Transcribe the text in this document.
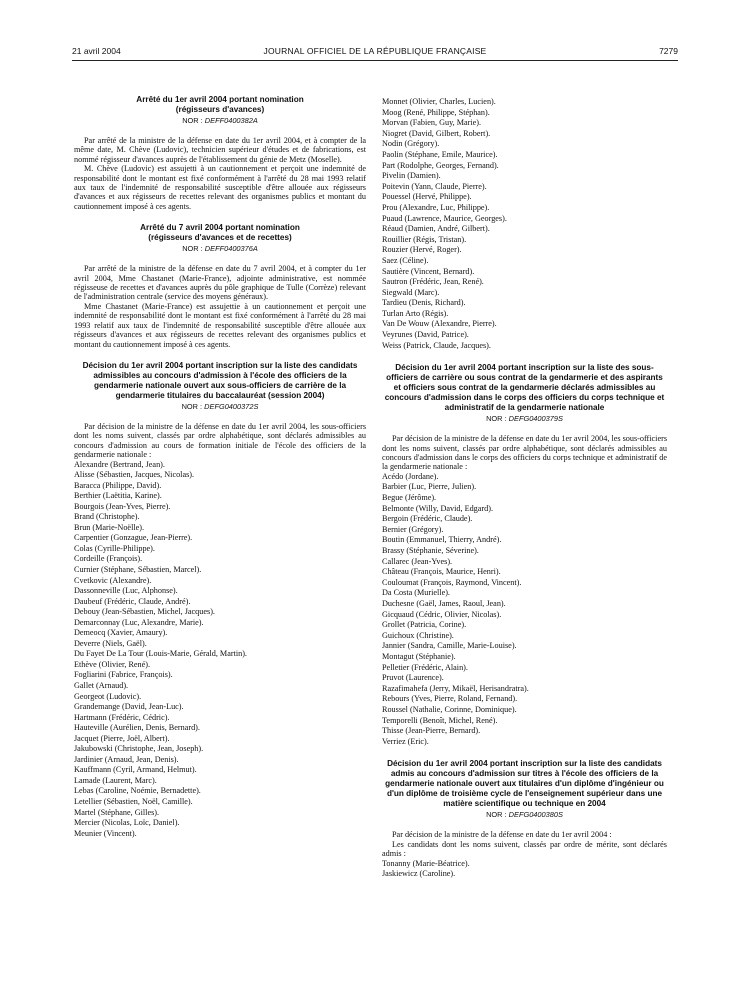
21 avril 2004	JOURNAL OFFICIEL DE LA RÉPUBLIQUE FRANÇAISE	7279

Arrêté du 1er avril 2004 portant nomination

(régisseurs d'avances)

NOR : DEFF0400382A

Par arrêté de la ministre de la défense en date du 1er avril 2004, et à compter de la même date, M. Chève (Ludovic), technicien supérieur d'études et de fabrications, est nommé régisseur d'avances auprès de l'établissement du génie de Metz (Moselle).

M. Chève (Ludovic) est assujetti à un cautionnement et perçoit une indemnité de responsabilité dont le montant est fixé conformément à l'arrêté du 28 mai 1993 relatif aux taux de l'indemnité de responsabilité susceptible d'être allouée aux régisseurs d'avances et aux régisseurs de recettes relevant des organismes publics et montant du cautionnement imposé à ces agents.

Arrêté du 7 avril 2004 portant nomination

(régisseurs d'avances et de recettes)

NOR : DEFF0400376A

Par arrêté de la ministre de la défense en date du 7 avril 2004, et à compter du 1er avril 2004, Mme Chastanet (Marie-France), adjointe administrative, est nommée régisseuse de recettes et d'avances auprès du pôle graphique de Tulle (Corrèze) relevant de l'administration centrale (service des moyens généraux).

Mme Chastanet (Marie-France) est assujettie à un cautionnement et perçoit une indemnité de responsabilité dont le montant est fixé conformément à l'arrêté du 28 mai 1993 relatif aux taux de l'indemnité de responsabilité susceptible d'être allouée aux régisseurs d'avances et aux régisseurs de recettes relevant des organismes publics et montant du cautionnement imposé à ces agents.

Décision du 1er avril 2004 portant inscription sur la liste des candidats admissibles au concours d'admission à l'école des officiers de la gendarmerie nationale ouvert aux sous-officiers de carrière de la gendarmerie titulaires du baccalauréat (session 2004)

NOR : DEFG0400372S

Par décision de la ministre de la défense en date du 1er avril 2004, les sous-officiers dont les noms suivent, classés par ordre alphabétique, sont déclarés admissibles au concours d'admission au cours de formation initiale de l'école des officiers de la gendarmerie nationale :

Alexandre (Bertrand, Jean).
Alisse (Sébastien, Jacques, Nicolas).
Baracca (Philippe, David).
Berthier (Laëtitia, Karine).
Bourgois (Jean-Yves, Pierre).
Brand (Christophe).
Brun (Marie-Noëlle).
Carpentier (Gonzague, Jean-Pierre).
Colas (Cyrille-Philippe).
Cordeille (François).
Curnier (Stéphane, Sébastien, Marcel).
Cvetkovic (Alexandre).
Dassonneville (Luc, Alphonse).
Daubeuf (Frédéric, Claude, André).
Debouy (Jean-Sébastien, Michel, Jacques).
Demarconnay (Luc, Alexandre, Marie).
Demeocq (Xavier, Amaury).
Deverre (Niels, Gaël).
Du Fayet De La Tour (Louis-Marie, Gérald, Martin).
Ethève (Olivier, René).
Fogliarini (Fabrice, François).
Gallet (Arnaud).
Georgeot (Ludovic).
Grandemange (David, Jean-Luc).
Hartmann (Frédéric, Cédric).
Hauteville (Aurélien, Denis, Bernard).
Jacquet (Pierre, Joël, Albert).
Jakubowski (Christophe, Jean, Joseph).
Jardinier (Arnaud, Jean, Denis).
Kauffmann (Cyril, Armand, Helmut).
Lamade (Laurent, Marc).
Lebas (Caroline, Noémie, Bernadette).
Letellier (Sébastien, Noël, Camille).
Martel (Stéphane, Gilles).
Mercier (Nicolas, Loïc, Daniel).
Meunier (Vincent).
Monnet (Olivier, Charles, Lucien).
Moog (René, Philippe, Stéphan).
Morvan (Fabien, Guy, Marie).
Niogret (David, Gilbert, Robert).
Nodin (Grégory).
Paolin (Stéphane, Emile, Maurice).
Part (Rodolphe, Georges, Fernand).
Pivelin (Damien).
Poitevin (Yann, Claude, Pierre).
Pouessel (Hervé, Philippe).
Prou (Alexandre, Luc, Philippe).
Puaud (Lawrence, Maurice, Georges).
Réaud (Damien, André, Gilbert).
Rouillier (Régis, Tristan).
Rouzier (Hervé, Roger).
Saez (Céline).
Sautière (Vincent, Bernard).
Sautron (Frédéric, Jean, René).
Siegwald (Marc).
Tardieu (Denis, Richard).
Turlan Arto (Régis).
Van De Wouw (Alexandre, Pierre).
Veyrunes (David, Patrice).
Weiss (Patrick, Claude, Jacques).

Décision du 1er avril 2004 portant inscription sur la liste des sous-officiers de carrière ou sous contrat de la gendarmerie et des aspirants et officiers sous contrat de la gendarmerie déclarés admissibles au concours d'admission dans le corps des officiers du corps technique et administratif de la gendarmerie nationale

NOR : DEFG0400379S

Par décision de la ministre de la défense en date du 1er avril 2004, les sous-officiers dont les noms suivent, classés par ordre alphabétique, sont déclarés admissibles au concours d'admission dans le corps des officiers du corps technique et administratif de la gendarmerie nationale :

Acédo (Jordane).
Barbier (Luc, Pierre, Julien).
Begue (Jérôme).
Belmonte (Willy, David, Edgard).
Bergoin (Frédéric, Claude).
Bernier (Grégory).
Boutin (Emmanuel, Thierry, André).
Brassy (Stéphanie, Séverine).
Callarec (Jean-Yves).
Château (François, Maurice, Henri).
Couloumat (François, Raymond, Vincent).
Da Costa (Murielle).
Duchesne (Gaël, James, Raoul, Jean).
Gicquaud (Cédric, Olivier, Nicolas).
Grollet (Patricia, Corine).
Guichoux (Christine).
Jannier (Sandra, Camille, Marie-Louise).
Montagut (Stéphanie).
Pelletier (Frédéric, Alain).
Pruvot (Laurence).
Razafimahefa (Jerry, Mikaël, Herisandratra).
Rebours (Yves, Pierre, Roland, Fernand).
Roussel (Nathalie, Corinne, Dominique).
Temporelli (Benoît, Michel, René).
Thisse (Jean-Pierre, Bernard).
Verriez (Eric).

Décision du 1er avril 2004 portant inscription sur la liste des candidats admis au concours d'admission sur titres à l'école des officiers de la gendarmerie nationale ouvert aux titulaires d'un diplôme d'ingénieur ou d'un diplôme de troisième cycle de l'enseignement supérieur dans une matière scientifique ou technique en 2004

NOR : DEFG0400380S

Par décision de la ministre de la défense en date du 1er avril 2004 :

Les candidats dont les noms suivent, classés par ordre de mérite, sont déclarés admis :

Tonanny (Marie-Béatrice).
Jaskiewicz (Caroline).
